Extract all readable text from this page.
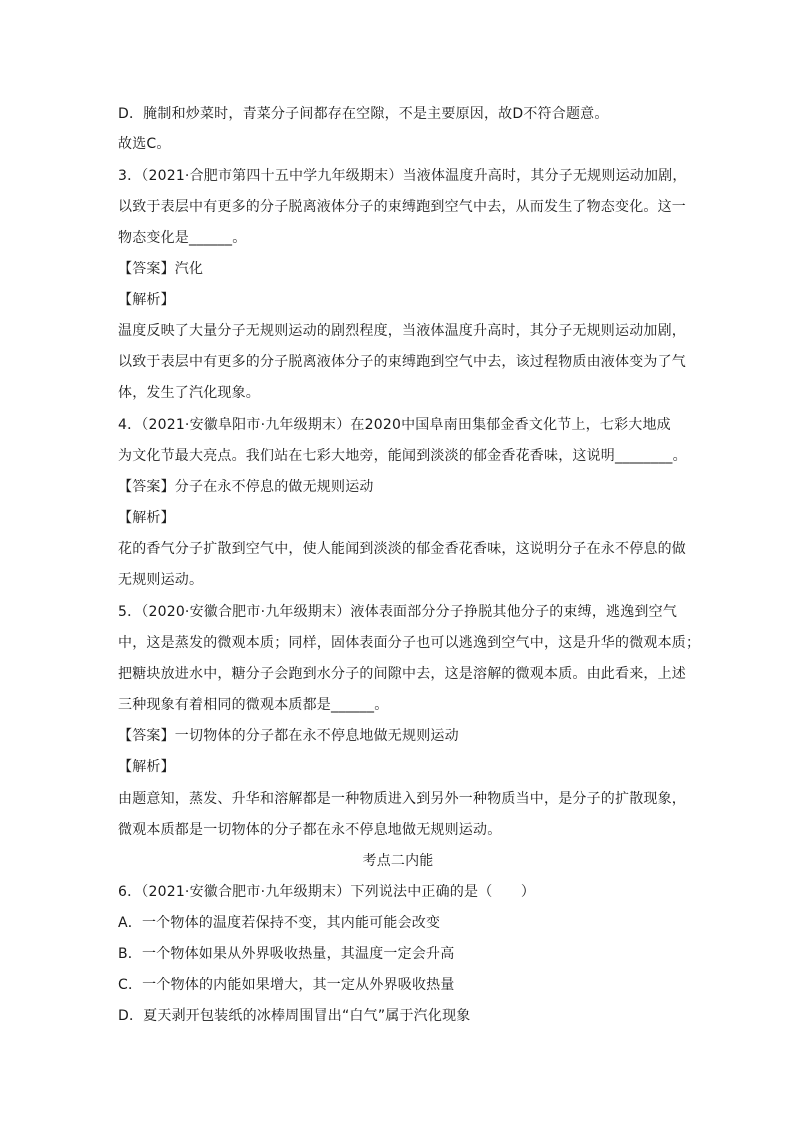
D．腌制和炒菜时，青菜分子间都存在空隙，不是主要原因，故D不符合题意。
故选C。
3．（2021·合肥市第四十五中学九年级期末）当液体温度升高时，其分子无规则运动加剧，
以致于表层中有更多的分子脱离液体分子的束缚跑到空气中去，从而发生了物态变化。这一
物态变化是______。
【答案】汽化
【解析】
温度反映了大量分子无规则运动的剧烈程度，当液体温度升高时，其分子无规则运动加剧，
以致于表层中有更多的分子脱离液体分子的束缚跑到空气中去，该过程物质由液体变为了气
体，发生了汽化现象。
4．（2021·安徽阜阳市·九年级期末）在2020中国阜南田集郁金香文化节上，七彩大地成
为文化节最大亮点。我们站在七彩大地旁，能闻到淡淡的郁金香花香味，这说明________。
【答案】分子在永不停息的做无规则运动
【解析】
花的香气分子扩散到空气中，使人能闻到淡淡的郁金香花香味，这说明分子在永不停息的做
无规则运动。
5．（2020·安徽合肥市·九年级期末）液体表面部分分子挣脱其他分子的束缚，逃逸到空气
中，这是蒸发的微观本质；同样，固体表面分子也可以逃逸到空气中，这是升华的微观本质；
把糖块放进水中，糖分子会跑到水分子的间隙中去，这是溶解的微观本质。由此看来，上述
三种现象有着相同的微观本质都是______。
【答案】一切物体的分子都在永不停息地做无规则运动
【解析】
由题意知，蒸发、升华和溶解都是一种物质进入到另外一种物质当中，是分子的扩散现象，
微观本质都是一切物体的分子都在永不停息地做无规则运动。
考点二内能
6．（2021·安徽合肥市·九年级期末）下列说法中正确的是（　　）
A．一个物体的温度若保持不变，其内能可能会改变
B．一个物体如果从外界吸收热量，其温度一定会升高
C．一个物体的内能如果增大，其一定从外界吸收热量
D．夏天剥开包装纸的冰棒周围冒出“白气”属于汽化现象
